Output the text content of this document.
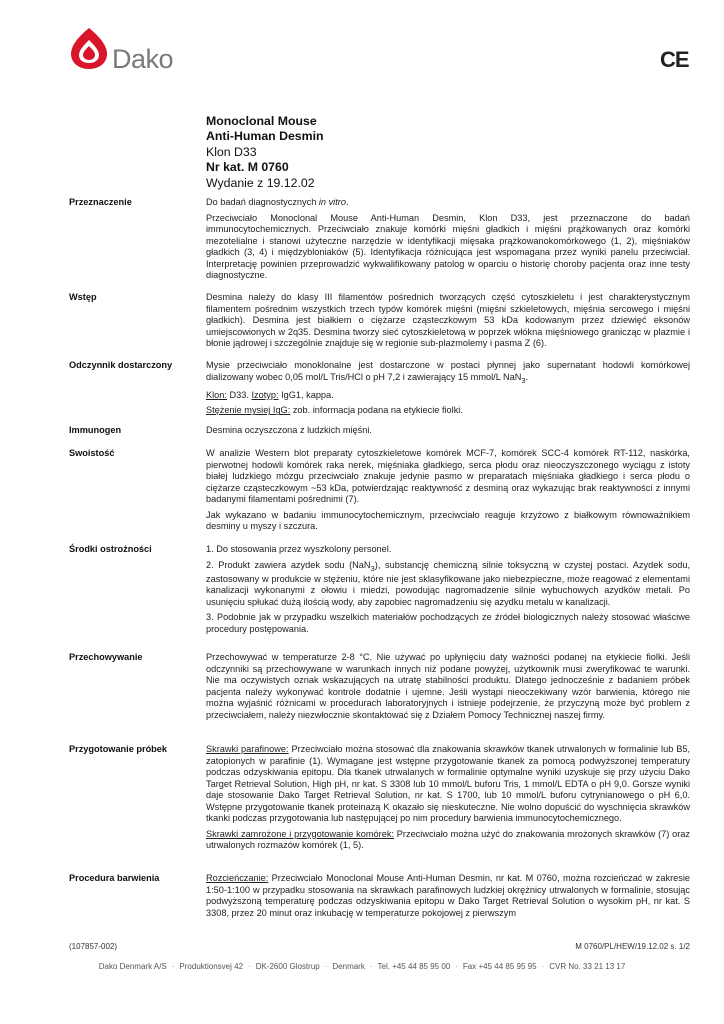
Dako	CE
Monoclonal Mouse
Anti-Human Desmin
Klon D33
Nr kat. M 0760
Wydanie z 19.12.02
Przeznaczenie	Do badań diagnostycznych in vitro.

Przeciwciało Monoclonal Mouse Anti-Human Desmin, Klon D33, jest przeznaczone do badań immunocytochemicznych. Przeciwciało znakuje komórki mięśni gładkich i mięśni prążkowanych oraz komórki mezotelialne i stanowi użyteczne narzędzie w identyfikacji mięsaka prążkowanokomórkowego (1, 2), mięśniaków gładkich (3, 4) i międzybloniaków (5). Identyfikacja różnicująca jest wspomagana przez wyniki panelu przeciwciał. Interpretację powinien przeprowadzić wykwalifikowany patolog w oparciu o historię choroby pacjenta oraz inne testy diagnostyczne.

Wstęp	Desmina należy do klasy III filamentów pośrednich tworzących część cytoszkieletu i jest charakterystycznym filamentem pośrednim wszystkich trzech typów komórek mięśni (mięśni szkieletowych, mięśnia sercowego i mięśni gładkich). Desmina jest białkiem o ciężarze cząsteczkowym 53 kDa kodowanym przez dziewięć eksonów umiejscowionych w 2q35. Desmina tworzy sieć cytoszkieletową w poprzek włókna mięśniowego granicząc w plazmie i błonie jądrowej i szczególnie znajduje się w regionie sub-plazmolemy i pasma Z (6).

Odczynnik dostarczony	Mysie przeciwciało monoklonalne jest dostarczone w postaci płynnej jako supernatant hodowli komórkowej dializowany wobec 0,05 mol/L Tris/HCl o pH 7,2 i zawierający 15 mmol/L NaN$_3$.

Klon: D33. Izotyp: IgG1, kappa.

Stężenie mysiej IgG: zob. informacja podana na etykiecie fiolki.

Immunogen	Desmina oczyszczona z ludzkich mięśni.

Swoistość	W analizie Western blot preparaty cytoszkieletowe komórek MCF-7, komórek SCC-4 komórek RT-112, naskórka, pierwotnej hodowli komórek raka nerek, mięśniaka gładkiego, serca płodu oraz nieoczyszczonego wyciągu z istoty białej ludzkiego mózgu przeciwciało znakuje jedynie pasmo w preparatach mięśniaka gładkiego i serca płodu o ciężarze cząsteczkowym ~53 kDa, potwierdzając reaktywność z desminą oraz wykazując brak reaktywności z innymi badanymi filamentami pośrednimi (7).

Jak wykazano w badaniu immunocytochemicznym, przeciwciało reaguje krzyżowo z białkowym równoważnikiem desminy u myszy i szczura.

Środki ostrożności	1. Do stosowania przez wyszkolony personel.

2. Produkt zawiera azydek sodu (NaN$_3$), substancję chemiczną silnie toksyczną w czystej postaci. Azydek sodu, zastosowany w produkcie w stężeniu, które nie jest sklasyfikowane jako niebezpieczne, może reagować z elementami kanalizacji wykonanymi z ołowiu i miedzi, powodując nagromadzenie silnie wybuchowych azydków metali. Po usunięciu spłukać dużą ilością wody, aby zapobiec nagromadzeniu się azydku metalu w kanalizacji.

3. Podobnie jak w przypadku wszelkich materiałów pochodzących ze źródeł biologicznych należy stosować właściwe procedury postępowania.

Przechowywanie	Przechowywać w temperaturze 2-8 °C. Nie używać po upłynięciu daty ważności podanej na etykiecie fiolki. Jeśli odczynniki są przechowywane w warunkach innych niż podane powyżej, użytkownik musi zweryfikować te warunki. Nie ma oczywistych oznak wskazujących na utratę stabilności produktu. Dlatego jednocześnie z badaniem próbek pacjenta należy wykonywać kontrole dodatnie i ujemne. Jeśli wystąpi nieoczekiwany wzór barwienia, którego nie można wyjaśnić różnicami w procedurach laboratoryjnych i istnieje podejrzenie, że przyczyną może być problem z przeciwciałem, należy niezwłocznie skontaktować się z Działem Pomocy Technicznej naszej firmy.

Przygotowanie próbek	Skrawki parafinowe: Przeciwciało można stosować dla znakowania skrawków tkanek utrwalonych w formalinie lub B5, zatopionych w parafinie (1). Wymagane jest wstępne przygotowanie tkanek za pomocą podwyższonej temperatury podczas odzyskiwania epitopu. Dla tkanek utrwalanych w formalinie optymalne wyniki uzyskuje się przy użyciu Dako Target Retrieval Solution, High pH, nr kat. S 3308 lub 10 mmol/L buforu Tris, 1 mmol/L EDTA o pH 9,0. Gorsze wyniki daje stosowanie Dako Target Retrieval Solution, nr kat. S 1700, lub 10 mmol/L buforu cytrynianowego o pH 6,0. Wstępne przygotowanie tkanek proteinazą K okazało się nieskuteczne. Nie wolno dopuścić do wyschnięcia skrawków tkanki podczas przygotowania lub następującej po nim procedury barwienia immunocytochemicznego.

Skrawki zamrożone i przygotowanie komórek: Przeciwciało można użyć do znakowania mrożonych skrawków (7) oraz utrwalonych rozmazów komórek (1, 5).

Procedura barwienia	Rozcieńczanie: Przeciwciało Monoclonal Mouse Anti-Human Desmin, nr kat. M 0760, można rozcieńczać w zakresie 1:50-1:100 w przypadku stosowania na skrawkach parafinowych ludzkiej okrężnicy utrwalonych w formalinie, stosując podwyższoną temperaturę podczas odzyskiwania epitopu w Dako Target Retrieval Solution o wysokim pH, nr kat. S 3308, przez 20 minut oraz inkubację w temperaturze pokojowej z pierwszym

(107857-002)	M 0760/PL/HEW/19.12.02 s. 1/2
Dako Denmark A/S · Produktionsvej 42 · DK-2600 Glostrup · Denmark · Tel. +45 44 85 95 00 · Fax +45 44 85 95 95 · CVR No. 33 21 13 17
